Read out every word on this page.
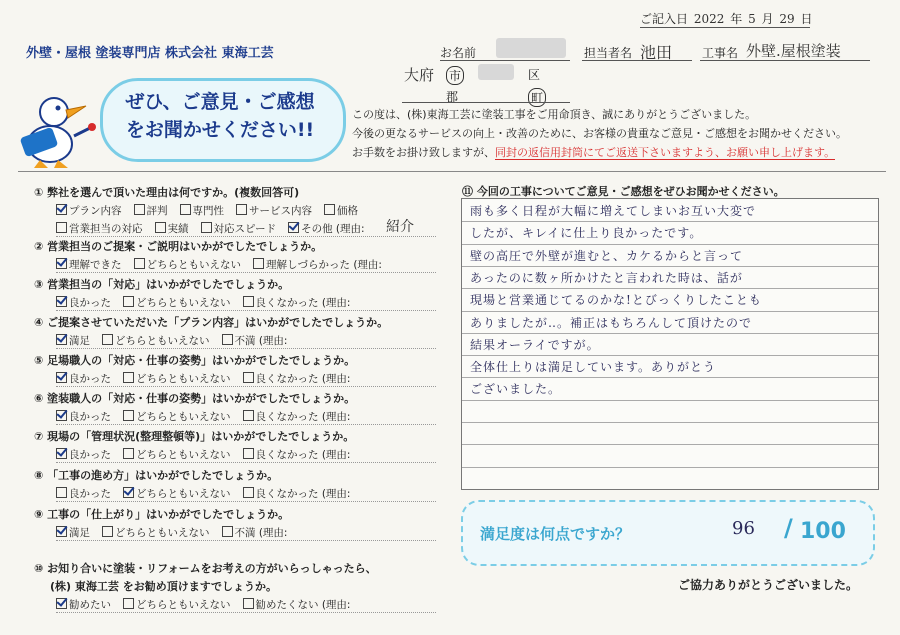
ご記入日 2022 年 5 月 29 日
外壁・屋根 塗装専門店 株式会社 東海工芸	お名前	担当者名 池田 工事名 外壁.屋根塗装
大府 市	区
郡	町
ぜひ、ご意見・ご感想
をお聞かせください!!
この度は、(株)東海工芸に塗装工事をご用命頂き、誠にありがとうございました。
今後の更なるサービスの向上・改善のために、お客様の貴重なご意見・ご感想をお聞かせください。
お手数をお掛け致しますが、同封の返信用封筒にてご返送下さいますよう、お願い申し上げます。
① 弊社を選んで頂いた理由は何ですか。(複数回答可)
プラン内容 評判 専門性 サービス内容 価格
営業担当の対応 実績 対応スピード その他 (理由:	紹介
② 営業担当のご提案・ご説明はいかがでしたでしょうか。
理解できた どちらともいえない 理解しづらかった (理由:
③ 営業担当の「対応」はいかがでしたでしょうか。
良かった どちらともいえない 良くなかった (理由:
④ ご提案させていただいた「プラン内容」はいかがでしたでしょうか。
満足 どちらともいえない 不満 (理由:
⑤ 足場職人の「対応・仕事の姿勢」はいかがでしたでしょうか。
良かった どちらともいえない 良くなかった (理由:
⑥ 塗装職人の「対応・仕事の姿勢」はいかがでしたでしょうか。
良かった どちらともいえない 良くなかった (理由:
⑦ 現場の「管理状況(整理整頓等)」はいかがでしたでしょうか。
良かった どちらともいえない 良くなかった (理由:
⑧ 「工事の進め方」はいかがでしたでしょうか。
良かった どちらともいえない 良くなかった (理由:
⑨ 工事の「仕上がり」はいかがでしたでしょうか。
満足 どちらともいえない 不満 (理由:
⑩ お知り合いに塗装・リフォームをお考えの方がいらっしゃったら、
(株) 東海工芸 をお勧め頂けますでしょうか。
勧めたい どちらともいえない 勧めたくない (理由:
⑪ 今回の工事についてご意見・ご感想をぜひお聞かせください。
雨も多く日程が大幅に増えてしまいお互い大変で
したが、キレイに仕上り良かったです。
壁の高圧で外壁が進むと、カケるからと言って
あったのに数ヶ所かけたと言われた時は、話が
現場と営業通じてるのかな!とびっくりしたことも
ありましたが‥。補正はもちろんして頂けたので
結果オーライですが。
全体仕上りは満足しています。ありがとう
ございました。
満足度は何点ですか？	96 / 100
ご協力ありがとうございました。
